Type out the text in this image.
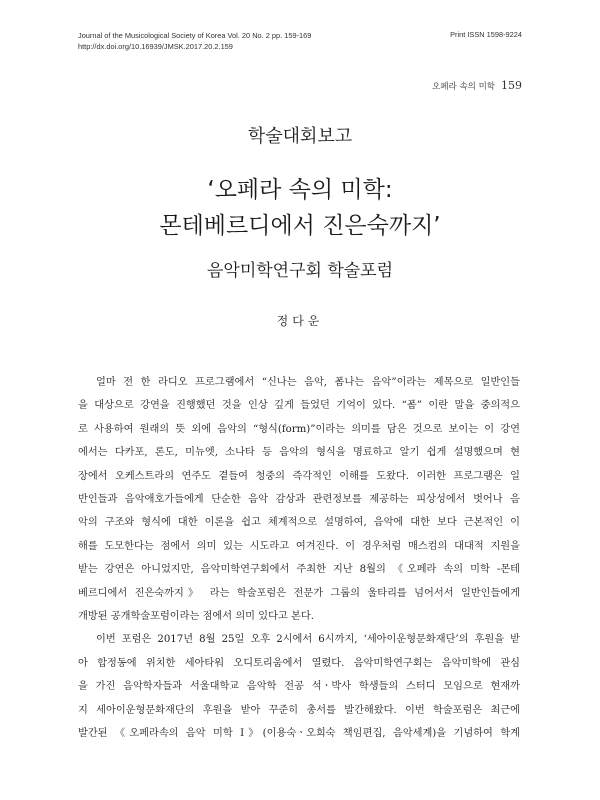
Journal of the Musicological Society of Korea Vol. 20 No. 2 pp. 159-169
http://dx.doi.org/10.16939/JMSK.2017.20.2.159
Print ISSN 1598-9224
오페라 속의 미학 159
학술대회보고
‘오페라 속의 미학:
몬테베르디에서 진은숙까지’
음악미학연구회 학술포럼
정다운
얼마 전 한 라디오 프로그램에서 “신나는 음악, 폼나는 음악”이라는 제목으로 일반인들
을 대상으로 강연을 진행했던 것을 인상 깊게 들었던 기억이 있다. “폼” 이란 말을 중의적으
로 사용하여 원래의 뜻 외에 음악의 “형식(form)”이라는 의미를 담은 것으로 보이는 이 강연
에서는 다카포, 론도, 미뉴엣, 소나타 등 음악의 형식을 명료하고 알기 쉽게 설명했으며 현
장에서 오케스트라의 연주도 곁들여 청중의 즉각적인 이해를 도왔다. 이러한 프로그램은 일
반인들과 음악애호가들에게 단순한 음악 감상과 관련정보를 제공하는 피상성에서 벗어나 음
악의 구조와 형식에 대한 이론을 쉽고 체계적으로 설명하여, 음악에 대한 보다 근본적인 이
해를 도모한다는 점에서 의미 있는 시도라고 여겨진다. 이 경우처럼 매스컴의 대대적 지원을
받는 강연은 아니었지만, 음악미학연구회에서 주최한 지난 8월의 《오페라 속의 미학 -몬테
베르디에서 진은숙까지》 라는 학술포럼은 전문가 그룹의 울타리를 넘어서서 일반인들에게
개방된 공개학술포럼이라는 점에서 의미 있다고 본다.
이번 포럼은 2017년 8월 25일 오후 2시에서 6시까지, ‘세아이운형문화재단’의 후원을 받
아 합정동에 위치한 세아타워 오디토리움에서 열렸다. 음악미학연구회는 음악미학에 관심
을 가진 음악학자들과 서울대학교 음악학 전공 석ㆍ박사 학생들의 스터디 모임으로 현재까
지 세아이운형문화재단의 후원을 받아 꾸준히 총서를 발간해왔다. 이번 학술포럼은 최근에
발간된 《오페라속의 음악 미학 I》(이용숙ㆍ오희숙 책임편집, 음악세계)을 기념하여 학계
